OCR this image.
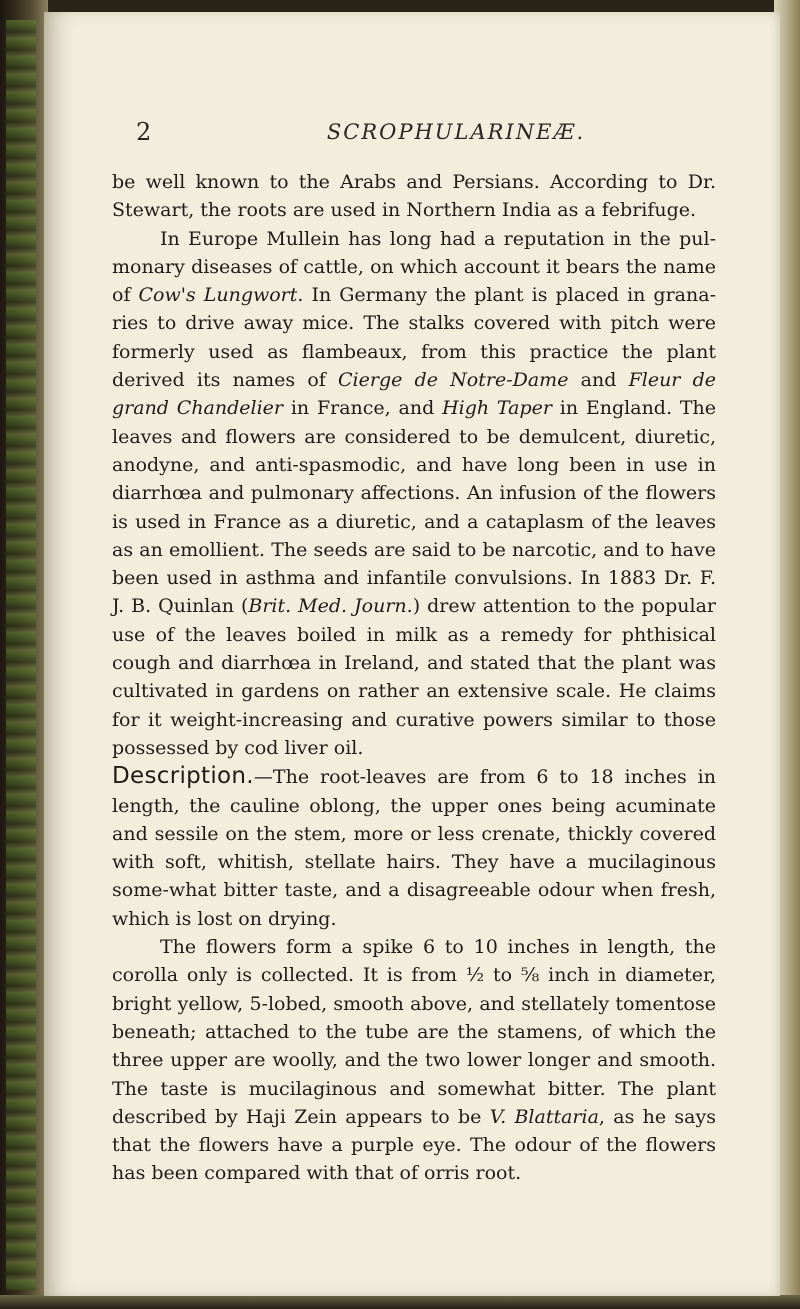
2	SCROPHULARINEÆ.

be well known to the Arabs and Persians. According to Dr. Stewart, the roots are used in Northern India as a febrifuge.

In Europe Mullein has long had a reputation in the pul-monary diseases of cattle, on which account it bears the name of Cow's Lungwort. In Germany the plant is placed in grana-ries to drive away mice. The stalks covered with pitch were formerly used as flambeaux, from this practice the plant derived its names of Cierge de Notre-Dame and Fleur de grand Chandelier in France, and High Taper in England. The leaves and flowers are considered to be demulcent, diuretic, anodyne, and anti-spasmodic, and have long been in use in diarrhœa and pulmonary affections. An infusion of the flowers is used in France as a diuretic, and a cataplasm of the leaves as an emollient. The seeds are said to be narcotic, and to have been used in asthma and infantile convulsions. In 1883 Dr. F. J. B. Quinlan (Brit. Med. Journ.) drew attention to the popular use of the leaves boiled in milk as a remedy for phthisical cough and diarrhœa in Ireland, and stated that the plant was cultivated in gardens on rather an extensive scale. He claims for it weight-increasing and curative powers similar to those possessed by cod liver oil.

Description.—The root-leaves are from 6 to 18 inches in length, the cauline oblong, the upper ones being acuminate and sessile on the stem, more or less crenate, thickly covered with soft, whitish, stellate hairs. They have a mucilaginous some-what bitter taste, and a disagreeable odour when fresh, which is lost on drying.

The flowers form a spike 6 to 10 inches in length, the corolla only is collected. It is from ½ to ⅝ inch in diameter, bright yellow, 5-lobed, smooth above, and stellately tomentose beneath; attached to the tube are the stamens, of which the three upper are woolly, and the two lower longer and smooth. The taste is mucilaginous and somewhat bitter. The plant described by Haji Zein appears to be V. Blattaria, as he says that the flowers have a purple eye. The odour of the flowers has been compared with that of orris root.
